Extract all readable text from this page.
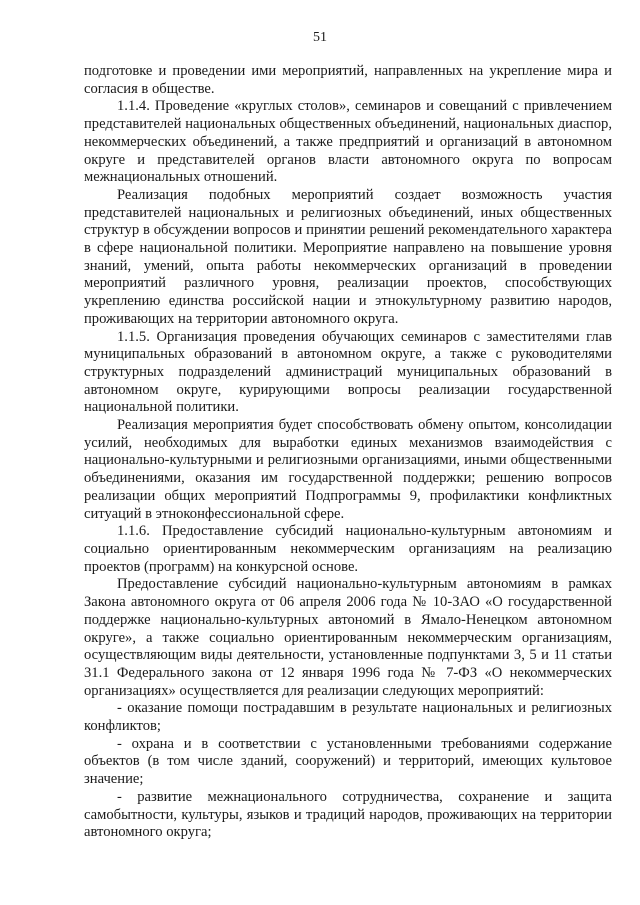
51

подготовке и проведении ими мероприятий, направленных на укрепление мира и согласия в обществе.

1.1.4. Проведение «круглых столов», семинаров и совещаний с привлечением представителей национальных общественных объединений, национальных диаспор, некоммерческих объединений, а также предприятий и организаций в автономном округе и представителей органов власти автономного округа по вопросам межнациональных отношений.

Реализация подобных мероприятий создает возможность участия представителей национальных и религиозных объединений, иных общественных структур в обсуждении вопросов и принятии решений рекомендательного характера в сфере национальной политики. Мероприятие направлено на повышение уровня знаний, умений, опыта работы некоммерческих организаций в проведении мероприятий различного уровня, реализации проектов, способствующих укреплению единства российской нации и этнокультурному развитию народов, проживающих на территории автономного округа.

1.1.5. Организация проведения обучающих семинаров с заместителями глав муниципальных образований в автономном округе, а также с руководителями структурных подразделений администраций муниципальных образований в автономном округе, курирующими вопросы реализации государственной национальной политики.

Реализация мероприятия будет способствовать обмену опытом, консолидации усилий, необходимых для выработки единых механизмов взаимодействия с национально-культурными и религиозными организациями, иными общественными объединениями, оказания им государственной поддержки; решению вопросов реализации общих мероприятий Подпрограммы 9, профилактики конфликтных ситуаций в этноконфессиональной сфере.

1.1.6. Предоставление субсидий национально-культурным автономиям и социально ориентированным некоммерческим организациям на реализацию проектов (программ) на конкурсной основе.

Предоставление субсидий национально-культурным автономиям в рамках Закона автономного округа от 06 апреля 2006 года № 10-ЗАО «О государственной поддержке национально-культурных автономий в Ямало-Ненецком автономном округе», а также социально ориентированным некоммерческим организациям, осуществляющим виды деятельности, установленные подпунктами 3, 5 и 11 статьи 31.1 Федерального закона от 12 января 1996 года № 7-ФЗ «О некоммерческих организациях» осуществляется для реализации следующих мероприятий:

- оказание помощи пострадавшим в результате национальных и религиозных конфликтов;

- охрана и в соответствии с установленными требованиями содержание объектов (в том числе зданий, сооружений) и территорий, имеющих культовое значение;

- развитие межнационального сотрудничества, сохранение и защита самобытности, культуры, языков и традиций народов, проживающих на территории автономного округа;
